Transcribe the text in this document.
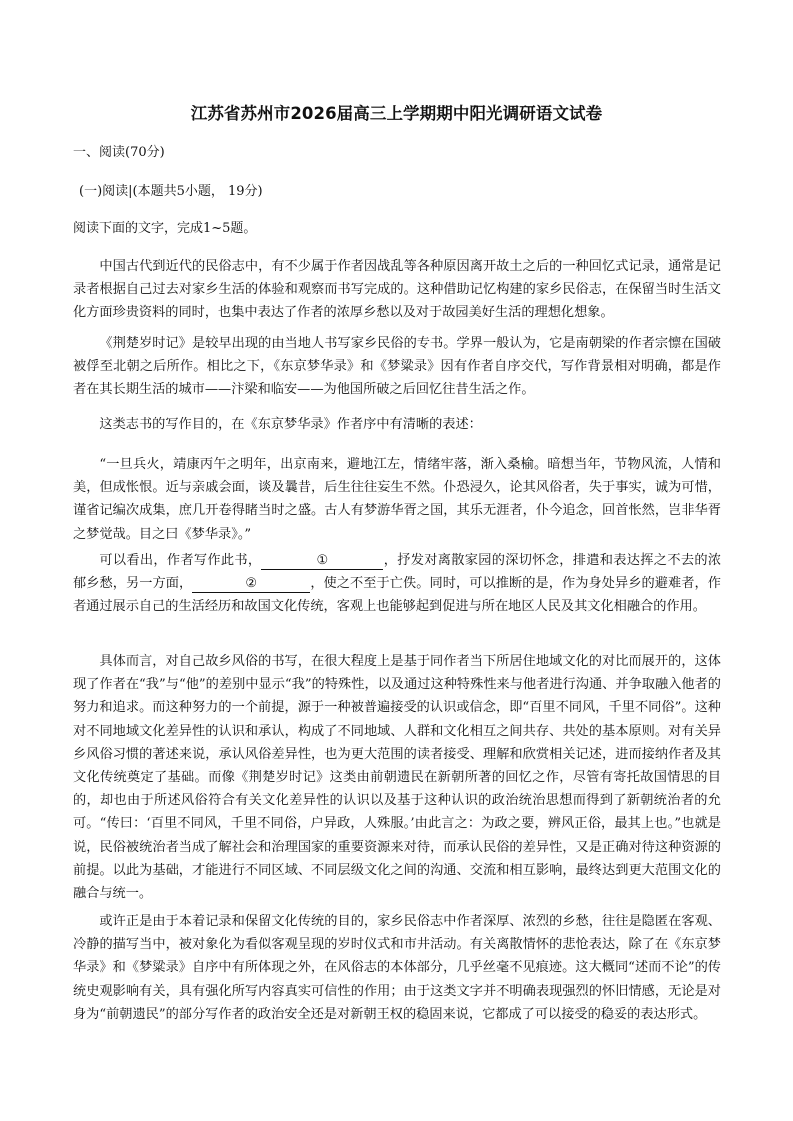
江苏省苏州市2026届高三上学期期中阳光调研语文试卷

一、阅读(70分)

(一)阅读|(本题共5小题， 19分)

阅读下面的文字，完成1~5题。

中国古代到近代的民俗志中，有不少属于作者因战乱等各种原因离开故土之后的一种回忆式记录，通常是记录者根据自己过去对家乡生活的体验和观察而书写完成的。这种借助记忆构建的家乡民俗志，在保留当时生活文化方面珍贵资料的同时，也集中表达了作者的浓厚乡愁以及对于故园美好生活的理想化想象。

《荆楚岁时记》是较早出现的由当地人书写家乡民俗的专书。学界一般认为，它是南朝梁的作者宗懔在国破被俘至北朝之后所作。相比之下，《东京梦华录》和《梦粱录》因有作者自序交代，写作背景相对明确，都是作者在其长期生活的城市——汴梁和临安——为他国所破之后回忆往昔生活之作。

这类志书的写作目的，在《东京梦华录》作者序中有清晰的表述：

“一旦兵火，靖康丙午之明年，出京南来，避地江左，情绪牢落，渐入桑榆。暗想当年，节物风流，人情和美，但成怅恨。近与亲戚会面，谈及曩昔，后生往往妄生不然。仆恐浸久，论其风俗者，失于事实，诚为可惜，谨省记编次成集，庶几开卷得睹当时之盛。古人有梦游华胥之国，其乐无涯者，仆今追念，回首怅然，岂非华胥之梦觉哉。目之曰《梦华录》。”

可以看出，作者写作此书，	①	，抒发对离散家园的深切怀念，排遣和表达挥之不去的浓郁乡愁，另一方面，	②	，使之不至于亡佚。同时，可以推断的是，作为身处异乡的避难者，作者通过展示自己的生活经历和故国文化传统，客观上也能够起到促进与所在地区人民及其文化相融合的作用。

具体而言，对自己故乡风俗的书写，在很大程度上是基于同作者当下所居住地域文化的对比而展开的，这体现了作者在“我”与“他”的差别中显示“我”的特殊性，以及通过这种特殊性来与他者进行沟通、并争取融入他者的努力和追求。而这种努力的一个前提，源于一种被普遍接受的认识或信念，即“百里不同风，千里不同俗”。这种对不同地域文化差异性的认识和承认，构成了不同地域、人群和文化相互之间共存、共处的基本原则。对有关异乡风俗习惯的著述来说，承认风俗差异性，也为更大范围的读者接受、理解和欣赏相关记述，进而接纳作者及其文化传统奠定了基础。而像《荆楚岁时记》这类由前朝遗民在新朝所著的回忆之作，尽管有寄托故国情思的目的，却也由于所述风俗符合有关文化差异性的认识以及基于这种认识的政治统治思想而得到了新朝统治者的允可。“传曰：‘百里不同风，千里不同俗，户异政，人殊服。’由此言之：为政之要，辨风正俗，最其上也。”也就是说，民俗被统治者当成了解社会和治理国家的重要资源来对待，而承认民俗的差异性，又是正确对待这种资源的前提。以此为基础，才能进行不同区域、不同层级文化之间的沟通、交流和相互影响，最终达到更大范围文化的融合与统一。

或许正是由于本着记录和保留文化传统的目的，家乡民俗志中作者深厚、浓烈的乡愁，往往是隐匿在客观、冷静的描写当中，被对象化为看似客观呈现的岁时仪式和市井活动。有关离散情怀的悲怆表达，除了在《东京梦华录》和《梦粱录》自序中有所体现之外，在风俗志的本体部分，几乎丝毫不见痕迹。这大概同“述而不论”的传统史观影响有关，具有强化所写内容真实可信性的作用；由于这类文字并不明确表现强烈的怀旧情感，无论是对身为“前朝遗民”的部分写作者的政治安全还是对新朝王权的稳固来说，它都成了可以接受的稳妥的表达形式。
